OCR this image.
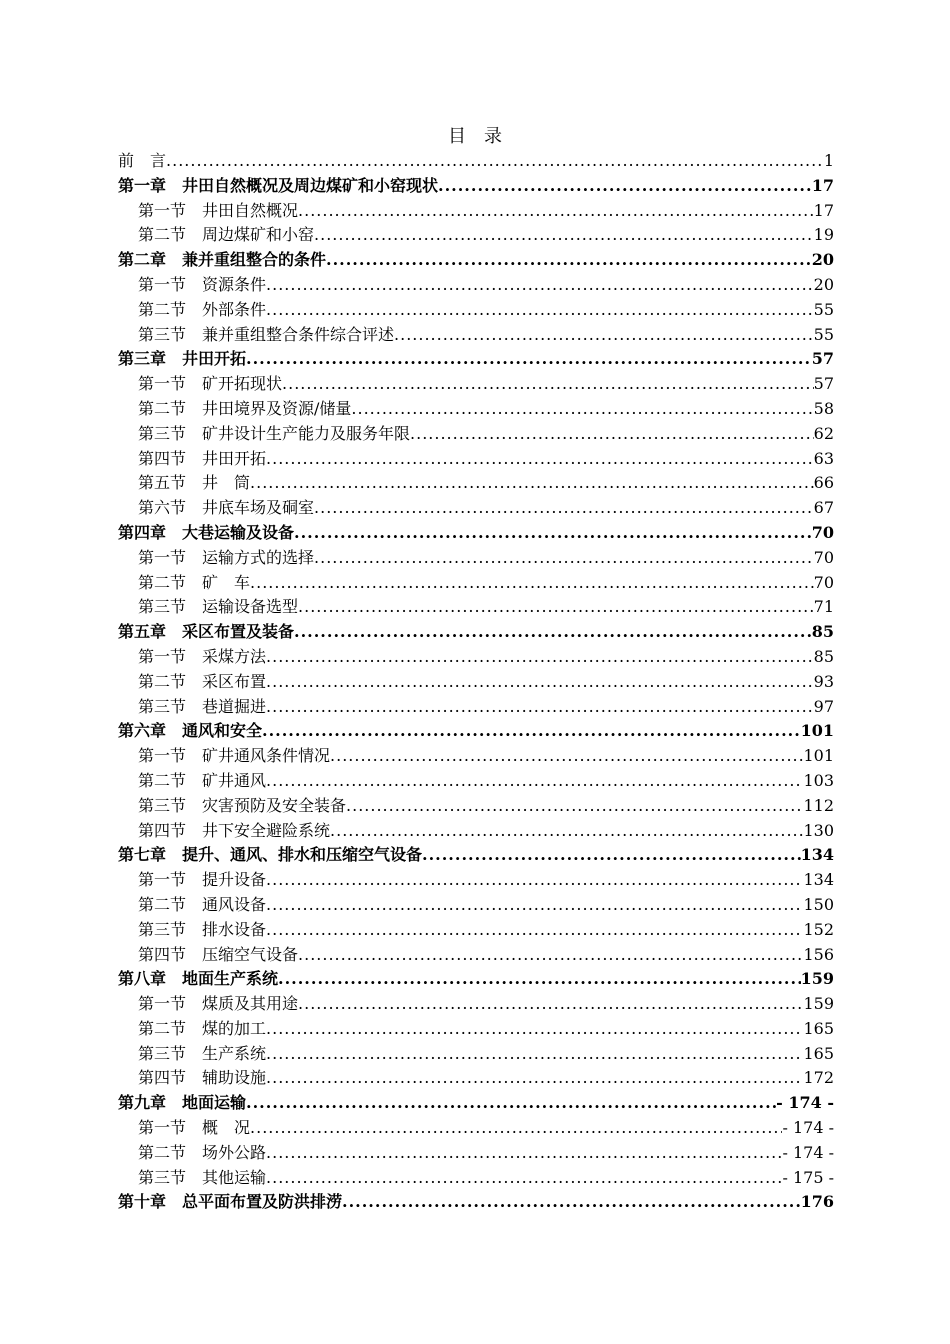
目　录
前　言 .....	1
第一章　井田自然概况及周边煤矿和小窑现状 .....	17
第一节　井田自然概况 .....	17
第二节　周边煤矿和小窑 .....	19
第二章　兼并重组整合的条件 .....	20
第一节　资源条件 .....	20
第二节　外部条件 .....	55
第三节　兼并重组整合条件综合评述 .....	55
第三章　井田开拓 .....	57
第一节　矿开拓现状 .....	57
第二节　井田境界及资源/储量 .....	58
第三节　矿井设计生产能力及服务年限 .....	62
第四节　井田开拓 .....	63
第五节　井　筒 .....	66
第六节　井底车场及硐室 .....	67
第四章　大巷运输及设备 .....	70
第一节　运输方式的选择 .....	70
第二节　矿　车 .....	70
第三节　运输设备选型 .....	71
第五章　采区布置及装备 .....	85
第一节　采煤方法 .....	85
第二节　采区布置 .....	93
第三节　巷道掘进 .....	97
第六章　通风和安全 .....	101
第一节　矿井通风条件情况 .....	101
第二节　矿井通风 .....	103
第三节　灾害预防及安全装备 .....	112
第四节　井下安全避险系统 .....	130
第七章　提升、通风、排水和压缩空气设备 .....	134
第一节　提升设备 .....	134
第二节　通风设备 .....	150
第三节　排水设备 .....	152
第四节　压缩空气设备 .....	156
第八章　地面生产系统 .....	159
第一节　煤质及其用途 .....	159
第二节　煤的加工 .....	165
第三节　生产系统 .....	165
第四节　辅助设施 .....	172
第九章　地面运输 .....	- 174 -
第一节　概　况 .....	- 174 -
第二节　场外公路 .....	- 174 -
第三节　其他运输 .....	- 175 -
第十章　总平面布置及防洪排涝 .....	176
